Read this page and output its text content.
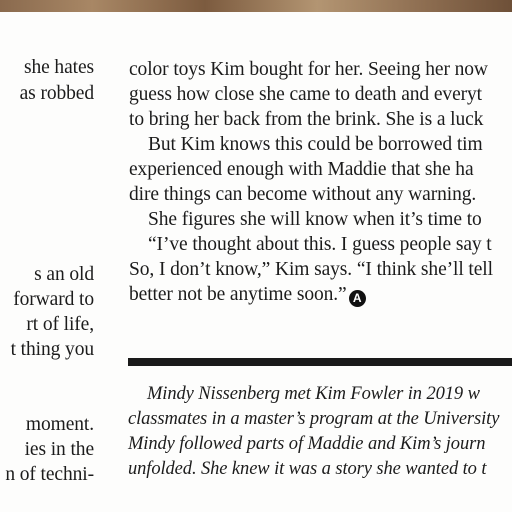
she hates
as robbed
s an old
forward to
rt of life,
t thing you
moment.
ies in the
n of techni-
color toys Kim bought for her. Seeing her now
guess how close she came to death and everyt
to bring her back from the brink. She is a luck
But Kim knows this could be borrowed tim
experienced enough with Maddie that she ha
dire things can become without any warning.
She figures she will know when it’s time to
“I’ve thought about this. I guess people say t
So, I don’t know,” Kim says. “I think she’ll tell
better not be anytime soon.” A
Mindy Nissenberg met Kim Fowler in 2019 w
classmates in a master’s program at the University
Mindy followed parts of Maddie and Kim’s journ
unfolded. She knew it was a story she wanted to t
